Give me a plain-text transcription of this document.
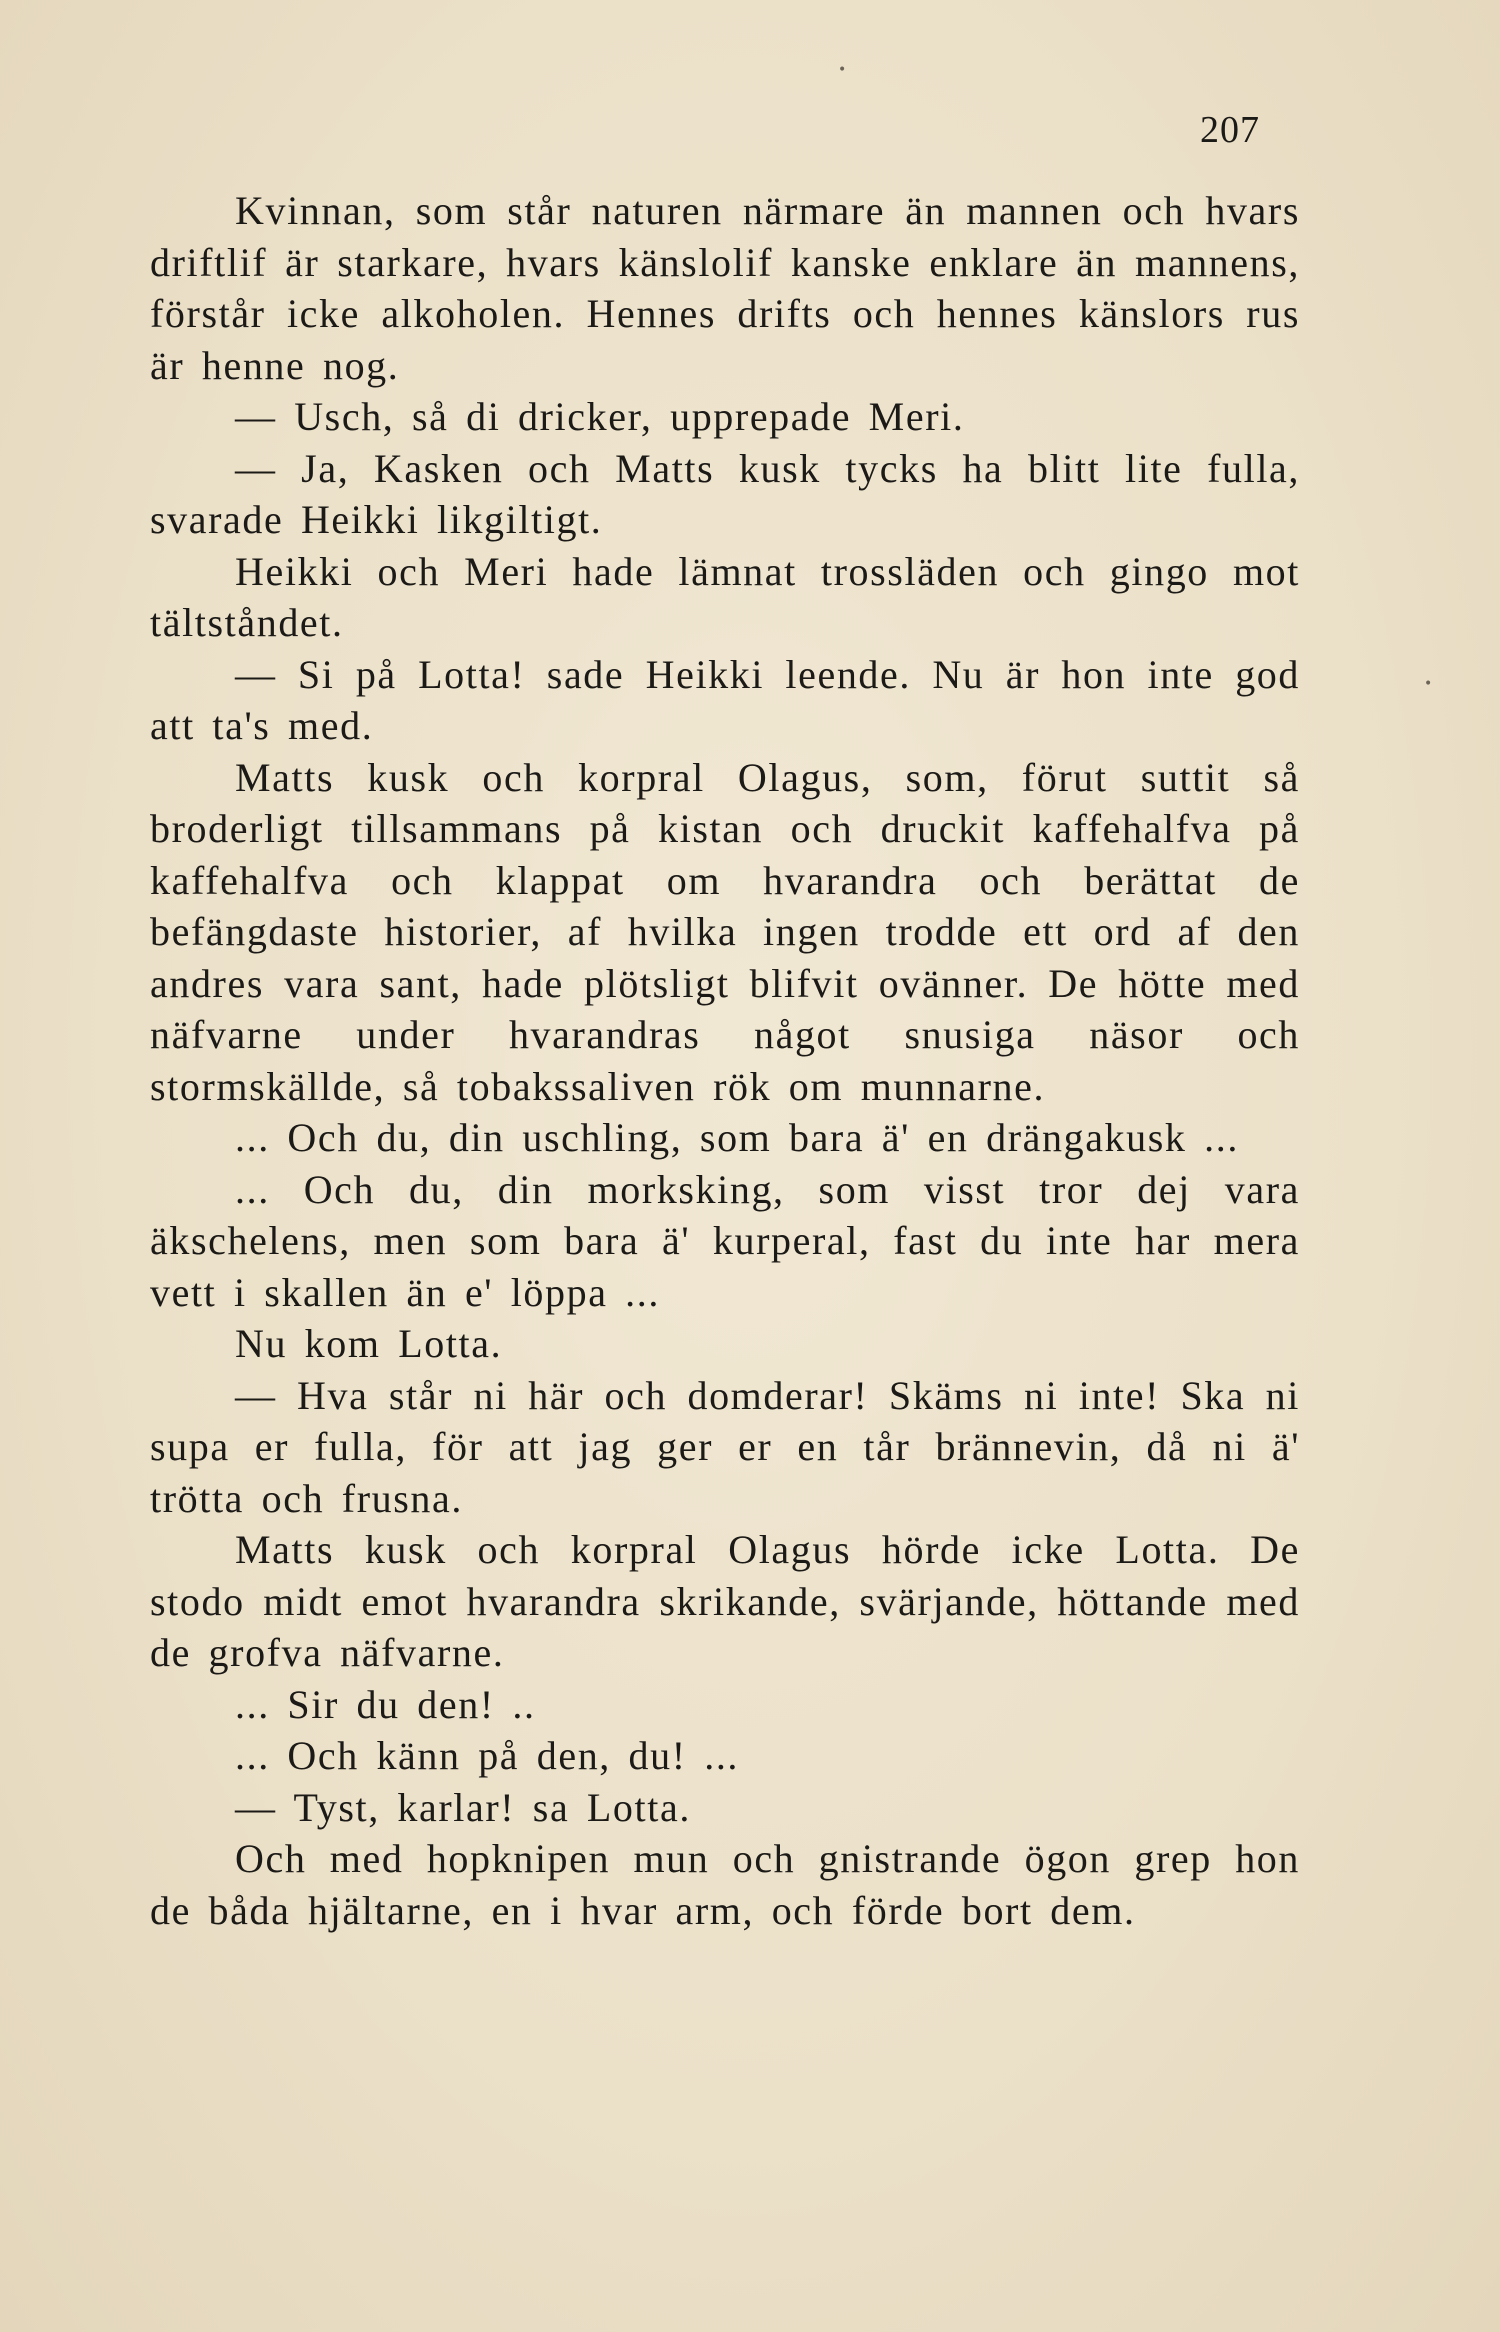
207

Kvinnan, som står naturen närmare än mannen och hvars driftlif är starkare, hvars känslolif kanske enklare än mannens, förstår icke alkoholen. Hennes drifts och hennes känslors rus är henne nog.

— Usch, så di dricker, upprepade Meri.

— Ja, Kasken och Matts kusk tycks ha blitt lite fulla, svarade Heikki likgiltigt.

Heikki och Meri hade lämnat trossläden och gingo mot tältståndet.

— Si på Lotta! sade Heikki leende. Nu är hon inte god att ta's med.

Matts kusk och korpral Olagus, som, förut suttit så broderligt tillsammans på kistan och druckit kaffehalfva på kaffehalfva och klappat om hvarandra och berättat de befängdaste historier, af hvilka ingen trodde ett ord af den andres vara sant, hade plötsligt blifvit ovänner. De hötte med näfvarne under hvarandras något snusiga näsor och stormskällde, så tobakssaliven rök om munnarne.

... Och du, din uschling, som bara ä' en drängakusk ...

... Och du, din morksking, som visst tror dej vara äkschelens, men som bara ä' kurperal, fast du inte har mera vett i skallen än e' löppa ...

Nu kom Lotta.

— Hva står ni här och domderar! Skäms ni inte! Ska ni supa er fulla, för att jag ger er en tår brännevin, då ni ä' trötta och frusna.

Matts kusk och korpral Olagus hörde icke Lotta. De stodo midt emot hvarandra skrikande, svärjande, höttande med de grofva näfvarne.

... Sir du den! ..

... Och känn på den, du! ...

— Tyst, karlar! sa Lotta.

Och med hopknipen mun och gnistrande ögon grep hon de båda hjältarne, en i hvar arm, och förde bort dem.

•
•
